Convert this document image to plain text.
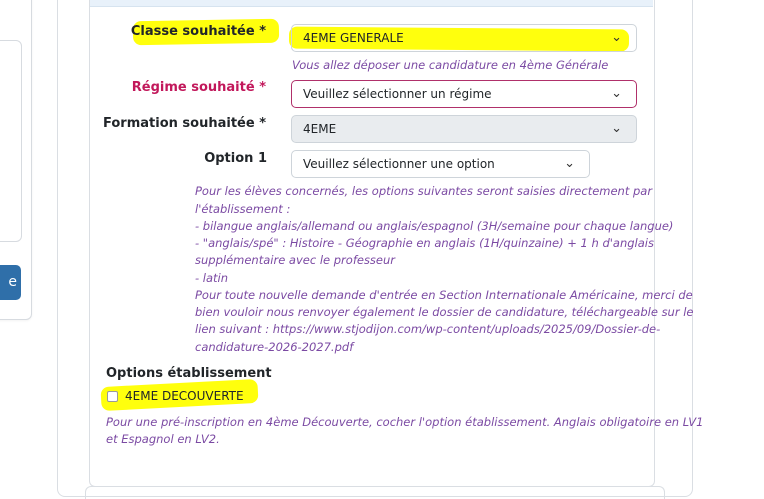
e
Classe souhaitée *	4EME GENERALE	⌄
Vous allez déposer une candidature en 4ème Générale
Régime souhaité *	Veuillez sélectionner un régime	⌄
Formation souhaitée *	4EME	⌄
Option 1	Veuillez sélectionner une option	⌄
Pour les élèves concernés, les options suivantes seront saisies directement par
l'établissement :
- bilangue anglais/allemand ou anglais/espagnol (3H/semaine pour chaque langue)
- "anglais/spé" : Histoire - Géographie en anglais (1H/quinzaine) + 1 h d'anglais
supplémentaire avec le professeur
- latin
Pour toute nouvelle demande d'entrée en Section Internationale Américaine, merci de
bien vouloir nous renvoyer également le dossier de candidature, téléchargeable sur le
lien suivant : https://www.stjodijon.com/wp-content/uploads/2025/09/Dossier-de-
candidature-2026-2027.pdf
Options établissement
4EME DECOUVERTE
Pour une pré-inscription en 4ème Découverte, cocher l'option établissement. Anglais obligatoire en LV1
et Espagnol en LV2.
